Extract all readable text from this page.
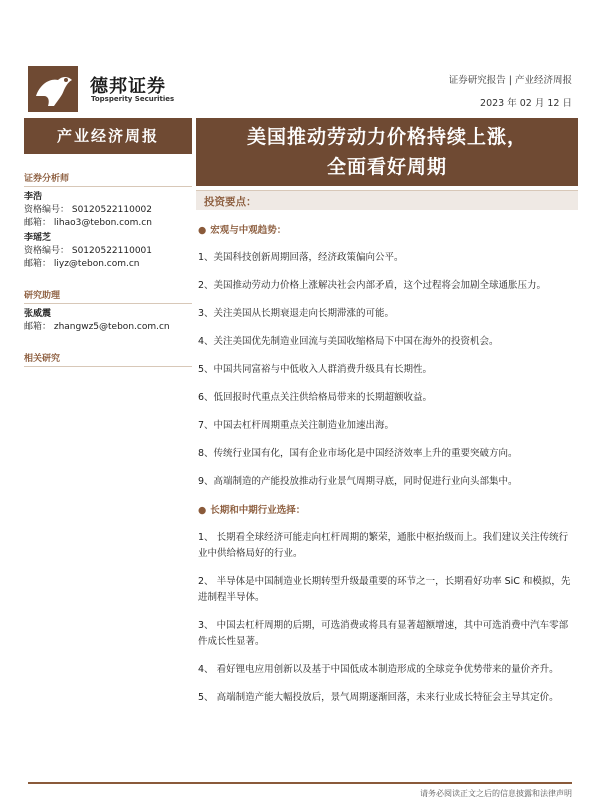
德邦证券
Topsperity Securities
证券研究报告 | 产业经济周报
2023 年 02 月 12 日
产业经济周报	美国推动劳动力价格持续上涨，
全面看好周期
证券分析师
李浩
资格编号： S0120522110002
邮箱： lihao3@tebon.com.cn
李瑶芝
资格编号： S0120522110001
邮箱： liyz@tebon.com.cn
研究助理
张威震
邮箱： zhangwz5@tebon.com.cn
相关研究
投资要点：
● 宏观与中观趋势：
1、美国科技创新周期回落，经济政策偏向公平。
2、美国推动劳动力价格上涨解决社会内部矛盾，这个过程将会加剧全球通胀压力。
3、关注美国从长期衰退走向长期滞涨的可能。
4、关注美国优先制造业回流与美国收缩格局下中国在海外的投资机会。
5、中国共同富裕与中低收入人群消费升级具有长期性。
6、低回报时代重点关注供给格局带来的长期超额收益。
7、中国去杠杆周期重点关注制造业加速出海。
8、传统行业国有化，国有企业市场化是中国经济效率上升的重要突破方向。
9、高端制造的产能投放推动行业景气周期寻底，同时促进行业向头部集中。
● 长期和中期行业选择：
1、 长期看全球经济可能走向杠杆周期的繁荣，通胀中枢抬级而上。我们建议关注传统行业中供给格局好的行业。
2、 半导体是中国制造业长期转型升级最重要的环节之一，长期看好功率 SiC 和模拟，先进制程半导体。
3、 中国去杠杆周期的后期，可选消费或将具有显著超额增速，其中可选消费中汽车零部件成长性显著。
4、 看好锂电应用创新以及基于中国低成本制造形成的全球竞争优势带来的量价齐升。
5、 高端制造产能大幅投放后，景气周期逐渐回落，未来行业成长特征会主导其定价。
请务必阅读正文之后的信息披露和法律声明
